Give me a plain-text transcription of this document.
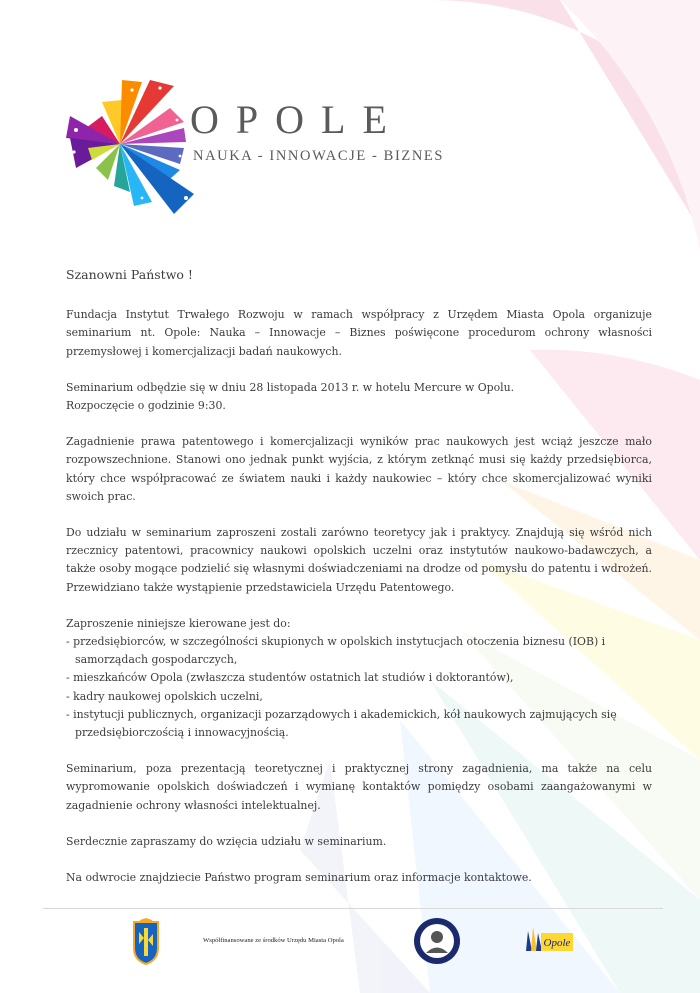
OPOLE
NAUKA - INNOWACJE - BIZNES

Szanowni Państwo !

Fundacja Instytut Trwałego Rozwoju w ramach współpracy z Urzędem Miasta Opola organizuje seminarium nt. Opole: Nauka – Innowacje – Biznes poświęcone procedurom ochrony własności przemysłowej i komercjalizacji badań naukowych.

Seminarium odbędzie się w dniu 28 listopada 2013 r. w hotelu Mercure w Opolu.
Rozpoczęcie o godzinie 9:30.

Zagadnienie prawa patentowego i komercjalizacji wyników prac naukowych jest wciąż jeszcze mało rozpowszechnione. Stanowi ono jednak punkt wyjścia, z którym zetknąć musi się każdy przedsiębiorca, który chce współpracować ze światem nauki i każdy naukowiec – który chce skomercjalizować wyniki swoich prac.

Do udziału w seminarium zaproszeni zostali zarówno teoretycy jak i praktycy. Znajdują się wśród nich rzecznicy patentowi, pracownicy naukowi opolskich uczelni oraz instytutów naukowo-badawczych, a także osoby mogące podzielić się własnymi doświadczeniami na drodze od pomysłu do patentu i wdrożeń. Przewidziano także wystąpienie przedstawiciela Urzędu Patentowego.

Zaproszenie niniejsze kierowane jest do:
- przedsiębiorców, w szczególności skupionych w opolskich instytucjach otoczenia biznesu (IOB) i samorządach gospodarczych,
- mieszkańców Opola (zwłaszcza studentów ostatnich lat studiów i doktorantów),
- kadry naukowej opolskich uczelni,
- instytucji publicznych, organizacji pozarządowych i akademickich, kół naukowych zajmujących się przedsiębiorczością i innowacyjnością.

Seminarium, poza prezentacją teoretycznej i praktycznej strony zagadnienia, ma także na celu wypromowanie opolskich doświadczeń i wymianę kontaktów pomiędzy osobami zaangażowanymi w zagadnienie ochrony własności intelektualnej.

Serdecznie zapraszamy do wzięcia udziału w seminarium.

Na odwrocie znajdziecie Państwo program seminarium oraz informacje kontaktowe.

Współfinansowane ze środków Urzędu Miasta Opola	Opole
